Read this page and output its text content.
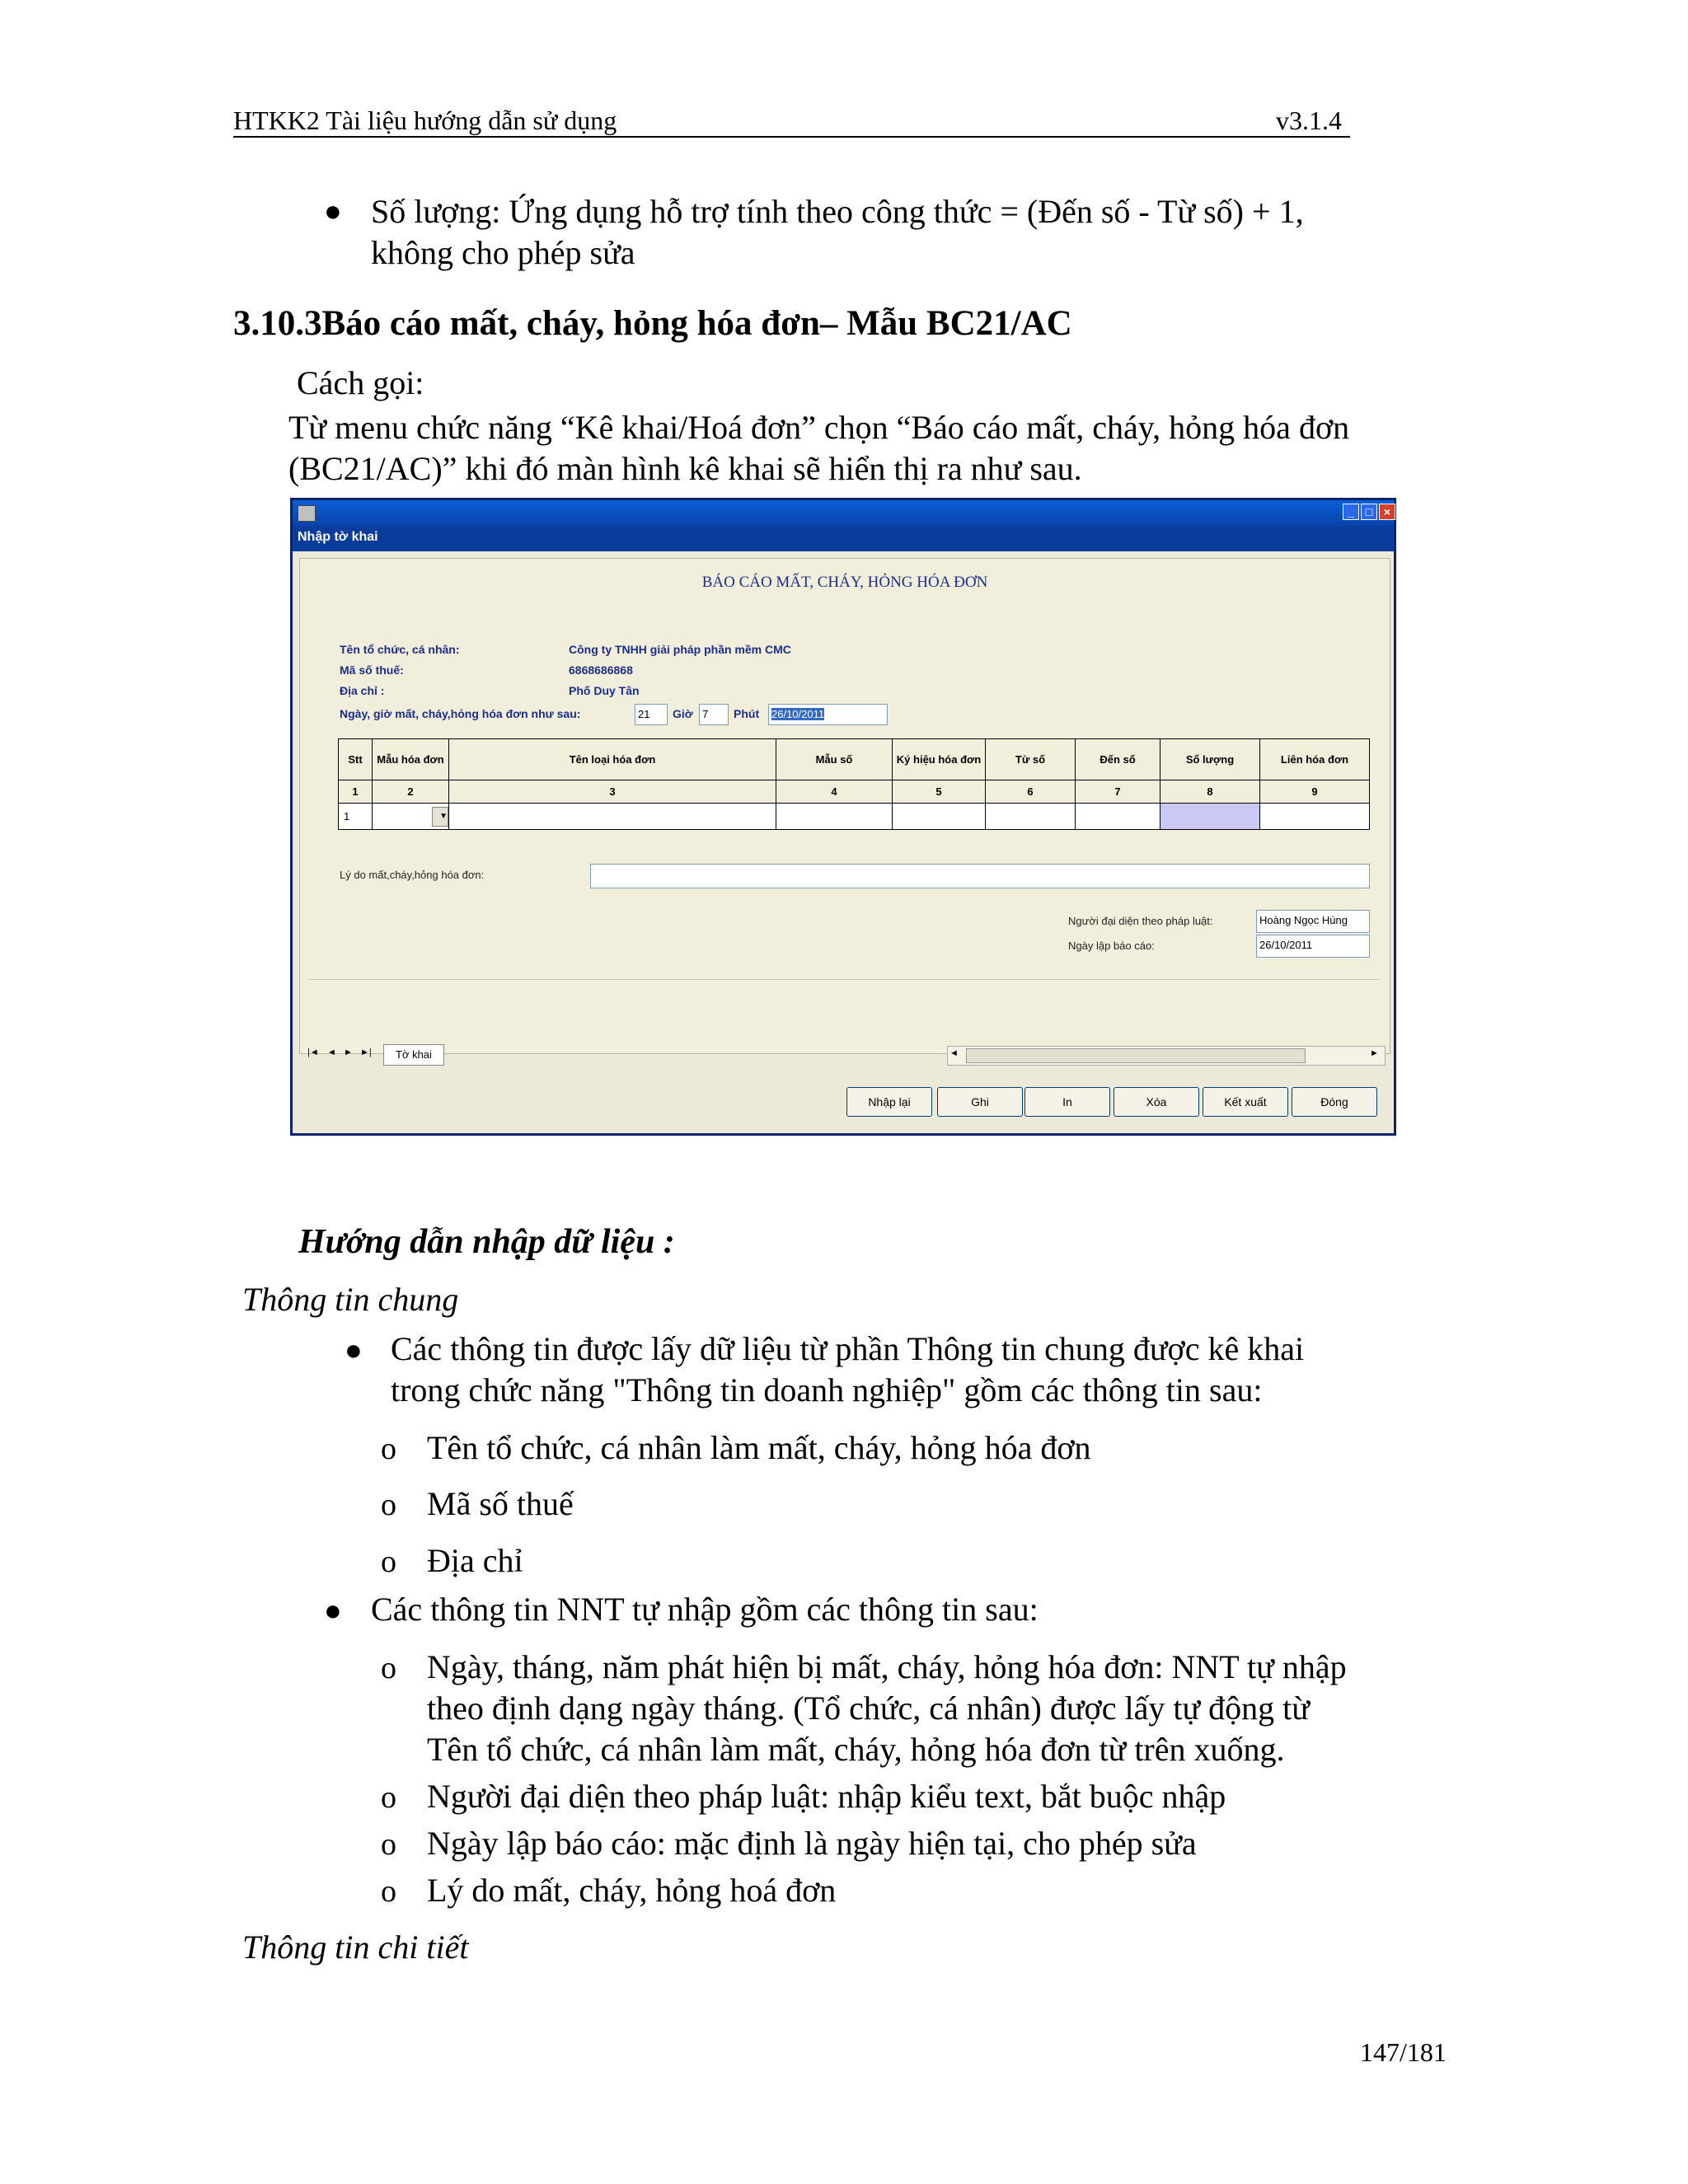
HTKK2 Tài liệu hướng dẫn sử dụng	v3.1.4
● Số lượng: Ứng dụng hỗ trợ tính theo công thức = (Đến số - Từ số) + 1,
không cho phép sửa
3.10.3Báo cáo mất, cháy, hỏng hóa đơn– Mẫu BC21/AC
Cách gọi:
Từ menu chức năng “Kê khai/Hoá đơn” chọn “Báo cáo mất, cháy, hỏng hóa đơn
(BC21/AC)” khi đó màn hình kê khai sẽ hiển thị ra như sau.
_ □ ×
Nhập tờ khai
BÁO CÁO MẤT, CHÁY, HỎNG HÓA ĐƠN
Tên tổ chức, cá nhân:	Công ty TNHH giải pháp phần mềm CMC
Mã số thuế:	6868686868
Địa chỉ :	Phố Duy Tân
Ngày, giờ mất, cháy,hỏng hóa đơn như sau:	21	Giờ 7	Phút	26/10/2011
Stt	Mẫu hóa đơn	Tên loại hóa đơn	Mẫu số	Ký hiệu hóa đơn	Từ số	Đến số	Số lượng	Liên hóa đơn
1	2	3	4	5	6	7	8	9
1	▼							
Lý do mất,cháy,hỏng hóa đơn:
Người đại diện theo pháp luật:	Hoàng Ngọc Hùng
Ngày lập báo cáo:	26/10/2011
|◄ ◄ ► ►|	Tờ khai	◄	►
Nhập lại	Ghi	In	Xóa	Kết xuất	Đóng
Hướng dẫn nhập dữ liệu :
Thông tin chung
● Các thông tin được lấy dữ liệu từ phần Thông tin chung được kê khai
trong chức năng "Thông tin doanh nghiệp" gồm các thông tin sau:
o Tên tổ chức, cá nhân làm mất, cháy, hỏng hóa đơn
o Mã số thuế
o Địa chỉ
● Các thông tin NNT tự nhập gồm các thông tin sau:
o Ngày, tháng, năm phát hiện bị mất, cháy, hỏng hóa đơn: NNT tự nhập
theo định dạng ngày tháng. (Tổ chức, cá nhân) được lấy tự động từ
Tên tổ chức, cá nhân làm mất, cháy, hỏng hóa đơn từ trên xuống.
o Người đại diện theo pháp luật: nhập kiểu text, bắt buộc nhập
o Ngày lập báo cáo: mặc định là ngày hiện tại, cho phép sửa
o Lý do mất, cháy, hỏng hoá đơn
Thông tin chi tiết
147/181
